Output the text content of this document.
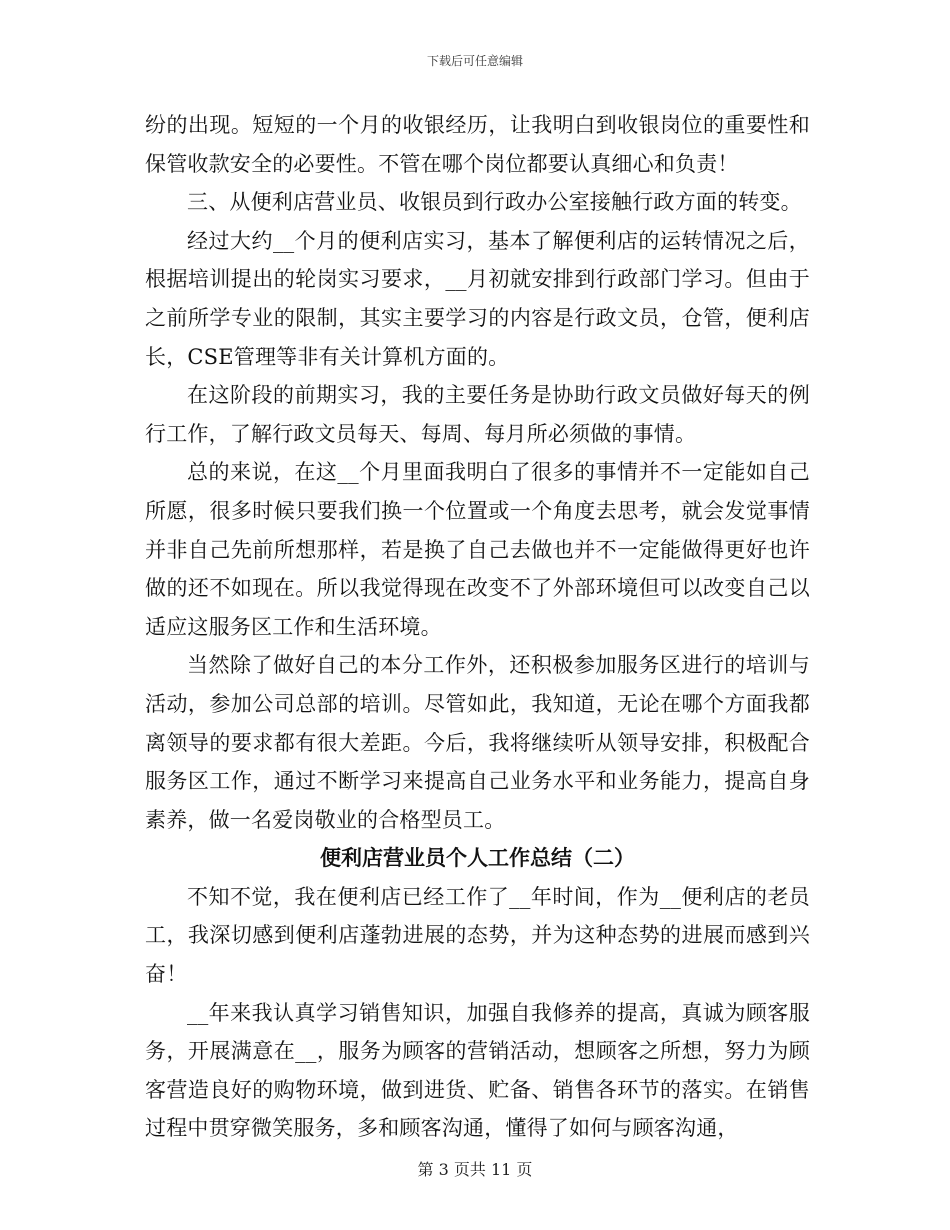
下载后可任意编辑

纷的出现。短短的一个月的收银经历，让我明白到收银岗位的重要性和保管收款安全的必要性。不管在哪个岗位都要认真细心和负责！

三、从便利店营业员、收银员到行政办公室接触行政方面的转变。

经过大约__个月的便利店实习，基本了解便利店的运转情况之后，根据培训提出的轮岗实习要求，__月初就安排到行政部门学习。但由于之前所学专业的限制，其实主要学习的内容是行政文员，仓管，便利店长，CSE管理等非有关计算机方面的。

在这阶段的前期实习，我的主要任务是协助行政文员做好每天的例行工作，了解行政文员每天、每周、每月所必须做的事情。

总的来说，在这__个月里面我明白了很多的事情并不一定能如自己所愿，很多时候只要我们换一个位置或一个角度去思考，就会发觉事情并非自己先前所想那样，若是换了自己去做也并不一定能做得更好也许做的还不如现在。所以我觉得现在改变不了外部环境但可以改变自己以适应这服务区工作和生活环境。

当然除了做好自己的本分工作外，还积极参加服务区进行的培训与活动，参加公司总部的培训。尽管如此，我知道，无论在哪个方面我都离领导的要求都有很大差距。今后，我将继续听从领导安排，积极配合服务区工作，通过不断学习来提高自己业务水平和业务能力，提高自身素养，做一名爱岗敬业的合格型员工。

便利店营业员个人工作总结（二）

不知不觉，我在便利店已经工作了__年时间，作为__便利店的老员工，我深切感到便利店蓬勃进展的态势，并为这种态势的进展而感到兴奋！

__年来我认真学习销售知识，加强自我修养的提高，真诚为顾客服务，开展满意在__，服务为顾客的营销活动，想顾客之所想，努力为顾客营造良好的购物环境，做到进货、贮备、销售各环节的落实。在销售过程中贯穿微笑服务，多和顾客沟通，懂得了如何与顾客沟通，

第 3 页共 11 页
